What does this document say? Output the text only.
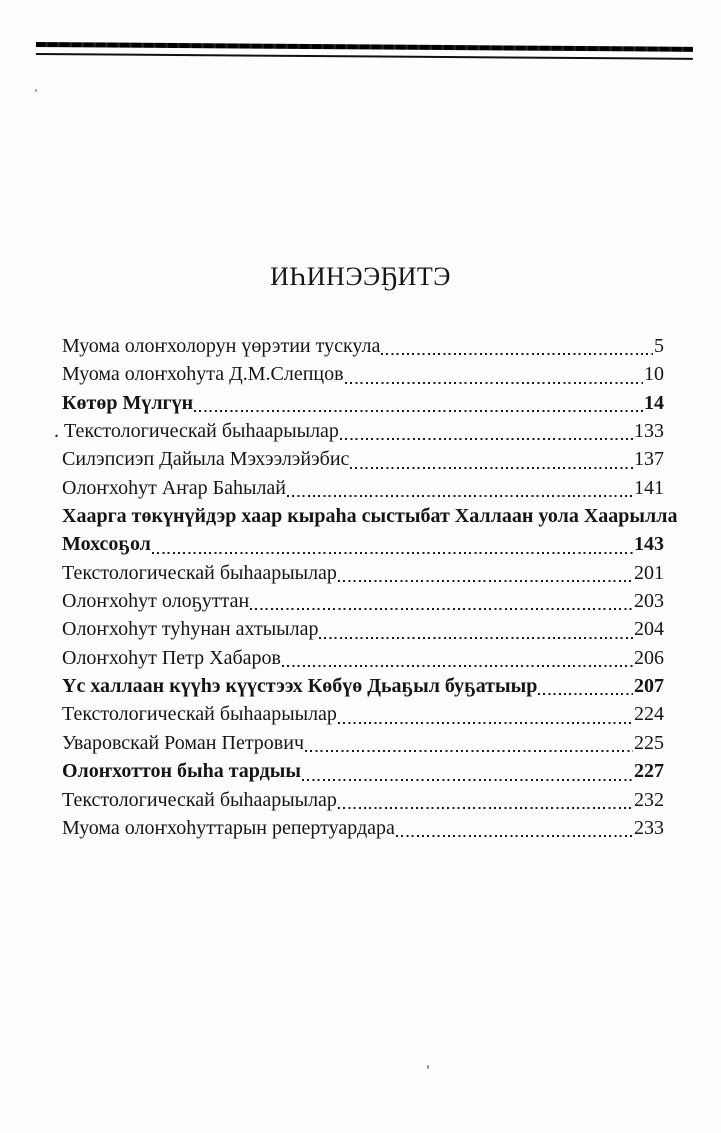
ИҺИНЭЭҔИТЭ
Муома олоҥхолорун үөрэтии тускула	5
Муома олоҥхоһута Д.М.Слепцов	10
Көтөр Мүлгүн	14
. Текстологическай быһаарыылар	133
Силэпсиэп Дайыла Мэхээлэйэбис	137
Олоҥхоһут Аҥар Баһылай	141
Хаарга төкүнүйдэр хаар кыраһа сыстыбат Халлаан уола Хаарылла
Мохсоҕол	143
Текстологическай быһаарыылар	201
Олоҥхоһут олоҕуттан	203
Олоҥхоһут туһунан ахтыылар	204
Олоҥхоһут Петр Хабаров	206
Үс халлаан күүһэ күүстээх Көбүө Дьаҕыл буҕатыыр	207
Текстологическай быһаарыылар	224
Уваровскай Роман Петрович	225
Олоҥхоттон быһа тардыы	227
Текстологическай быһаарыылар	232
Муома олоҥхоһуттарын репертуардара	233
